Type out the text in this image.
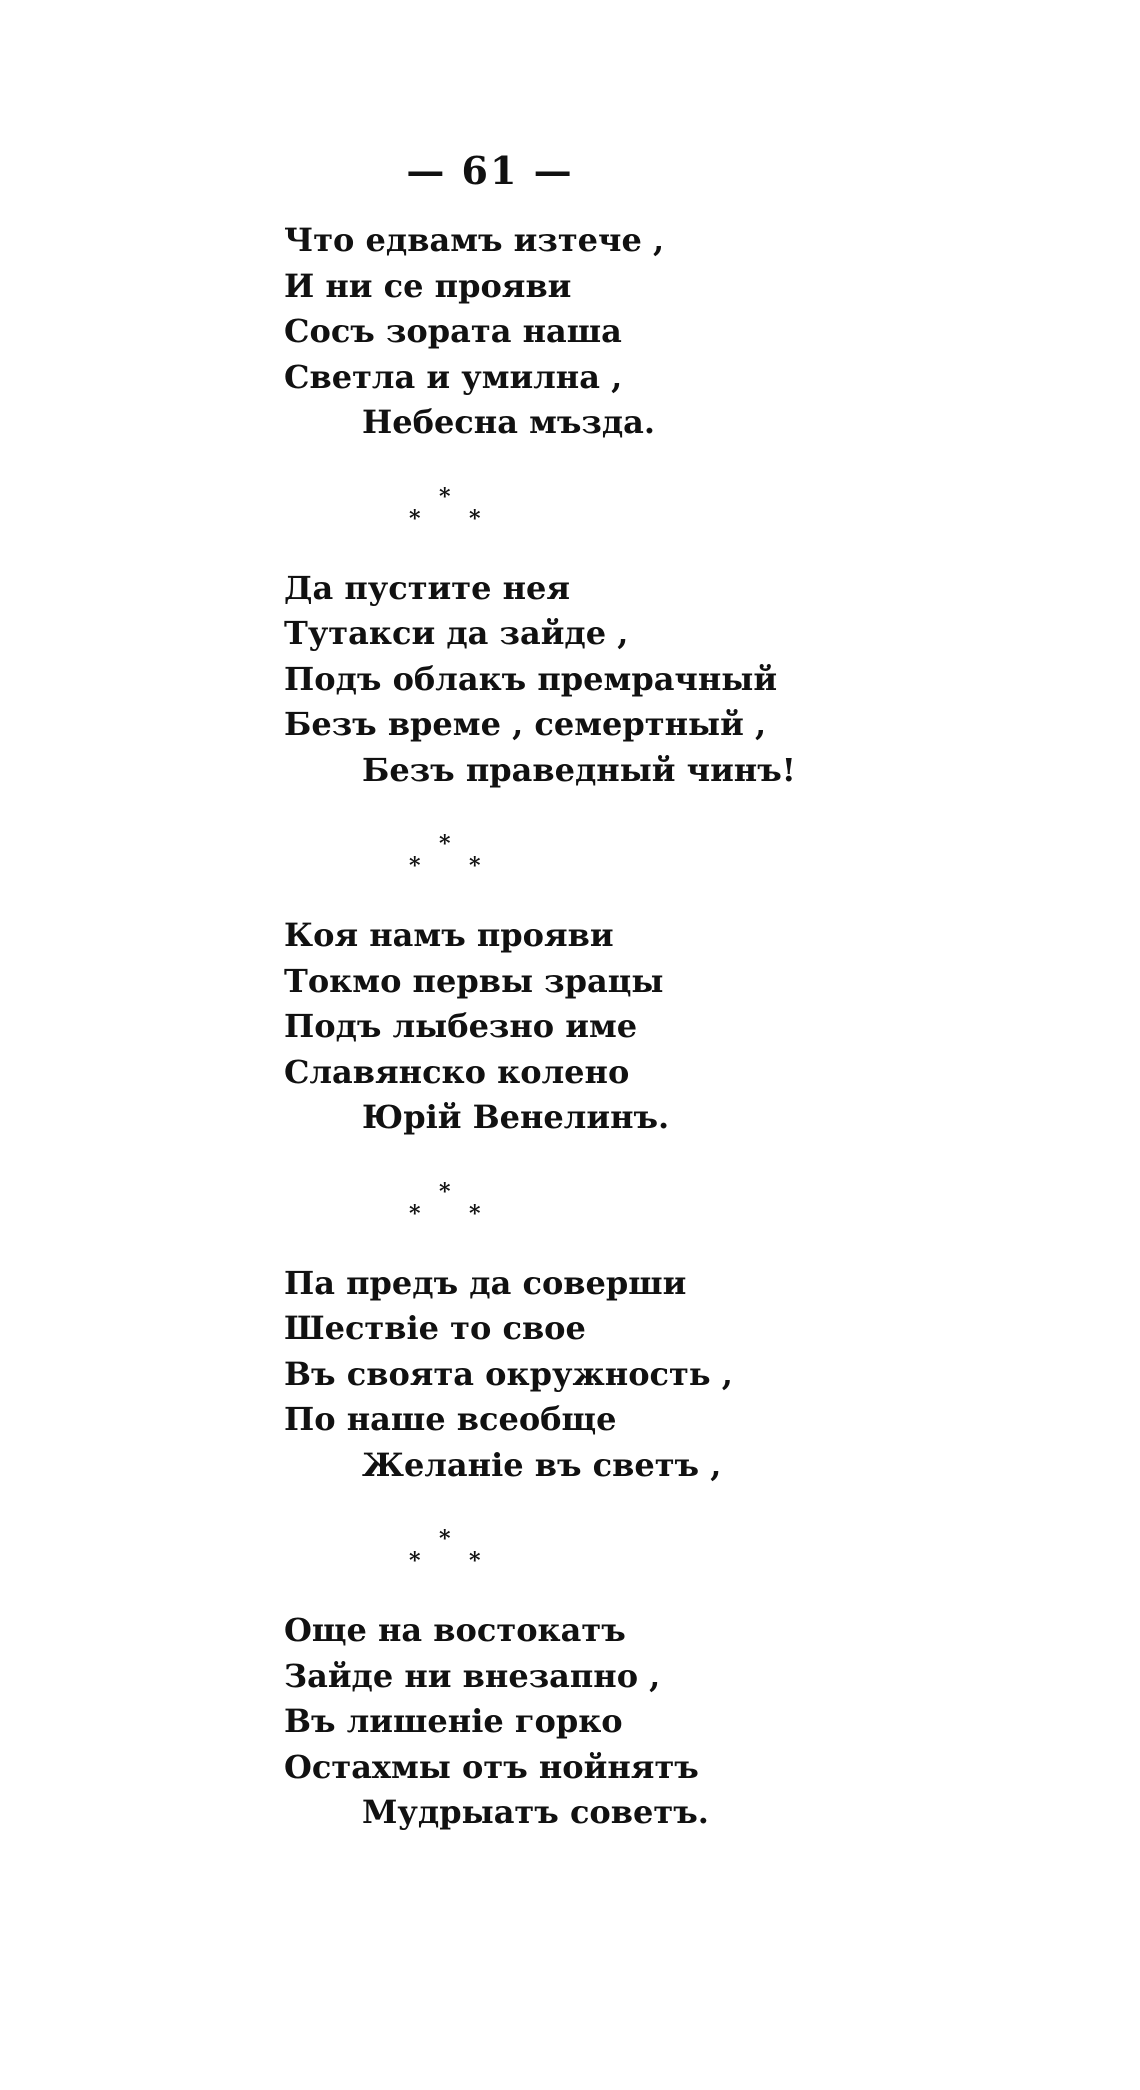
— 61 —
Что едвамъ изтече ,
И ни се прояви
Сосъ зората наша
Светла и умилна ,
Небесна мъзда.
*
* *
Да пустите нея
Тутакси да зайде ,
Подъ облакъ премрачный
Безъ време , семертный ,
Безъ праведный чинъ!
*
* *
Коя намъ прояви
Токмо первы зрацы
Подъ лыбезно име
Славянско колено
Юрій Венелинъ.
*
* *
Па предъ да соверши
Шествіе то свое
Въ своята окружность ,
По наше всеобще
Желаніе въ светъ ,
*
* *
Още на востокатъ
Зайде ни внезапно ,
Въ лишеніе горко
Остахмы отъ нойнятъ
Мудрыатъ советъ.
